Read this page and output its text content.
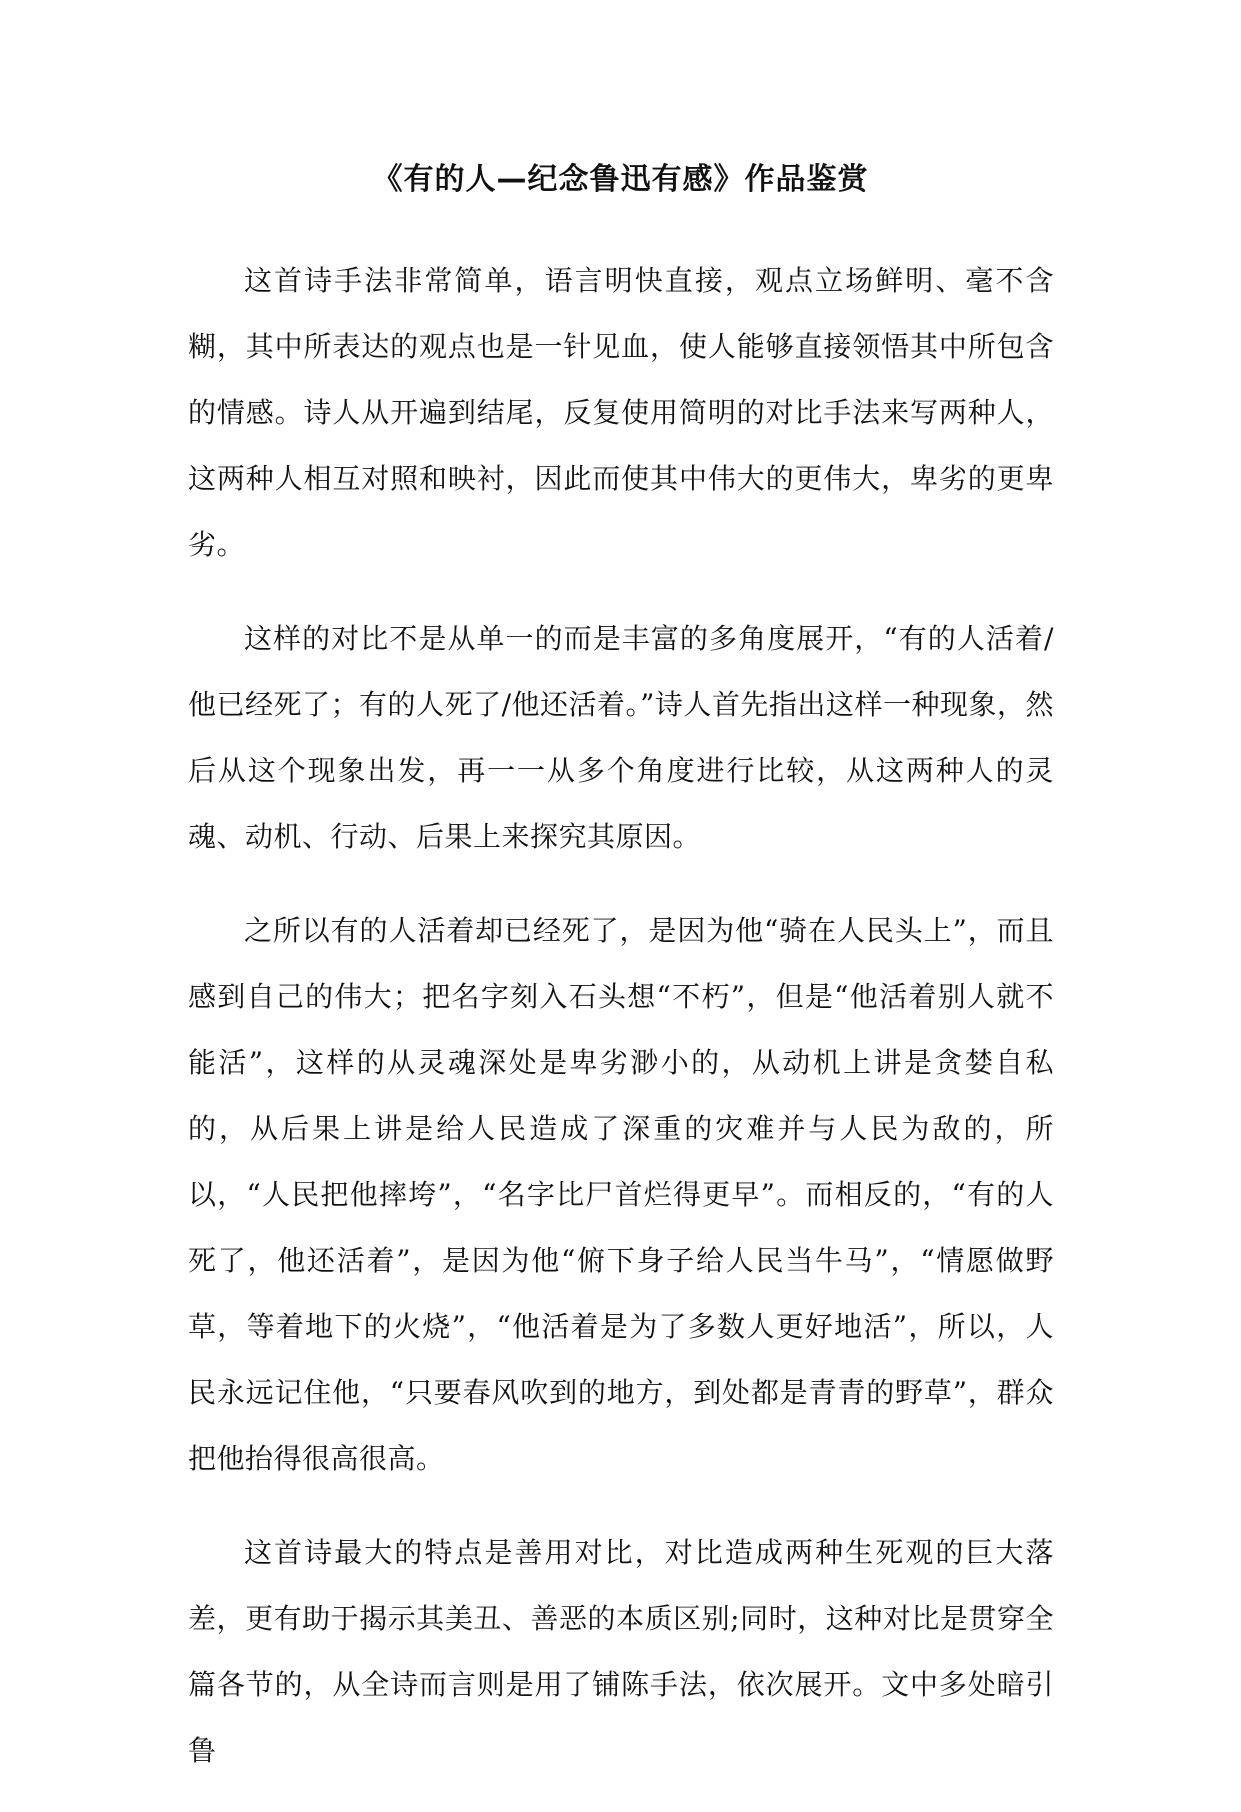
《有的人—纪念鲁迅有感》作品鉴赏

这首诗手法非常简单，语言明快直接，观点立场鲜明、毫不含糊，其中所表达的观点也是一针见血，使人能够直接领悟其中所包含的情感。诗人从开遍到结尾，反复使用简明的对比手法来写两种人，这两种人相互对照和映衬，因此而使其中伟大的更伟大，卑劣的更卑劣。

这样的对比不是从单一的而是丰富的多角度展开，“有的人活着/他已经死了；有的人死了/他还活着。”诗人首先指出这样一种现象，然后从这个现象出发，再一一从多个角度进行比较，从这两种人的灵魂、动机、行动、后果上来探究其原因。

之所以有的人活着却已经死了，是因为他“骑在人民头上”，而且感到自己的伟大；把名字刻入石头想“不朽”，但是“他活着别人就不能活”，这样的从灵魂深处是卑劣渺小的，从动机上讲是贪婪自私的，从后果上讲是给人民造成了深重的灾难并与人民为敌的，所以，“人民把他摔垮”，“名字比尸首烂得更早”。而相反的，“有的人死了，他还活着”，是因为他“俯下身子给人民当牛马”，“情愿做野草，等着地下的火烧”，“他活着是为了多数人更好地活”，所以，人民永远记住他，“只要春风吹到的地方，到处都是青青的野草”，群众把他抬得很高很高。

这首诗最大的特点是善用对比，对比造成两种生死观的巨大落差，更有助于揭示其美丑、善恶的本质区别;同时，这种对比是贯穿全篇各节的，从全诗而言则是用了铺陈手法，依次展开。文中多处暗引鲁
